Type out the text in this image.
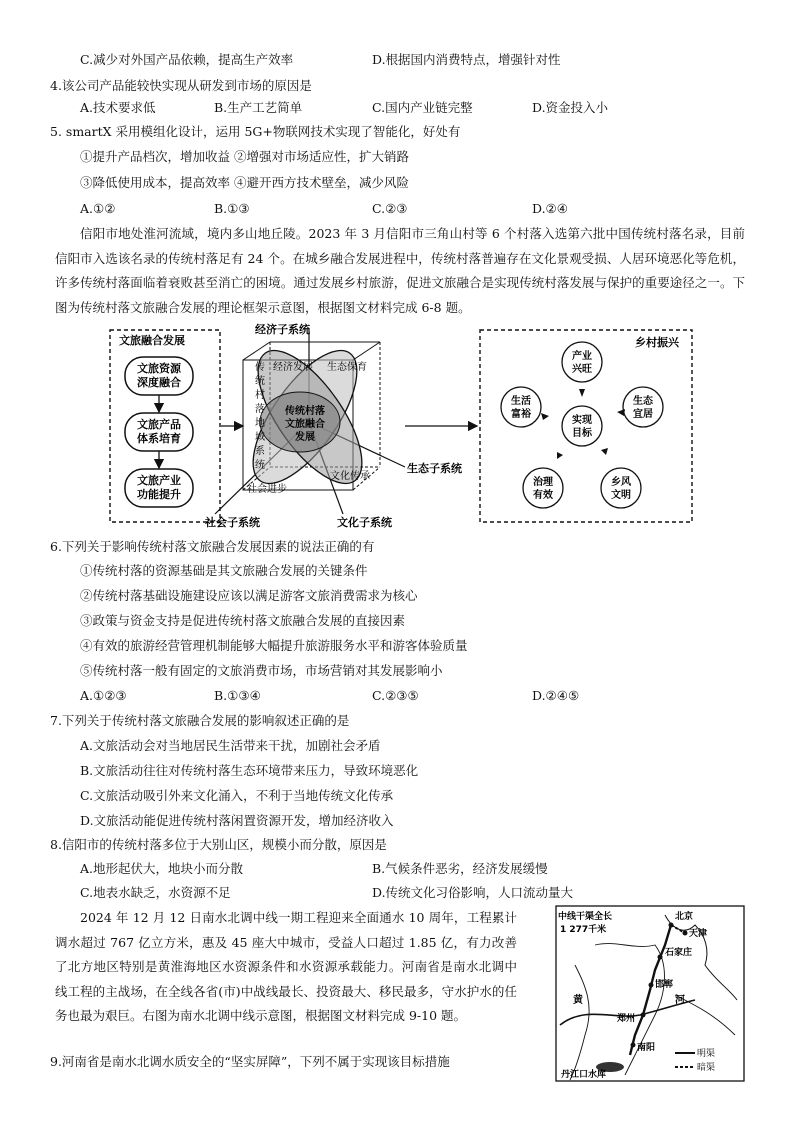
C.减少对外国产品依赖，提高生产效率	D.根据国内消费特点，增强针对性
4.该公司产品能较快实现从研发到市场的原因是
A.技术要求低	B.生产工艺简单	C.国内产业链完整	D.资金投入小
5. smartX 采用模组化设计，运用 5G+物联网技术实现了智能化，好处有
①提升产品档次，增加收益 ②增强对市场适应性，扩大销路
③降低使用成本，提高效率 ④避开西方技术壁垒，减少风险
A.①②	B.①③	C.②③	D.②④
信阳市地处淮河流域，境内多山地丘陵。2023 年 3 月信阳市三角山村等 6 个村落入选第六批中国传统村落名录，目前信阳市入选该名录的传统村落足有 24 个。在城乡融合发展进程中，传统村落普遍存在文化景观受损、人居环境恶化等危机，许多传统村落面临着衰败甚至消亡的困境。通过发展乡村旅游，促进文旅融合是实现传统村落发展与保护的重要途径之一。下图为传统村落文旅融合发展的理论框架示意图，根据图文材料完成 6-8 题。
文旅融合发展
文旅资源
深度融合
文旅产品
体系培育
文旅产业
功能提升
经济子系统
社会子系统	文化子系统
生态子系统
经济发展 生态保育
社会进步
文化传承
传
统
村
落
地
域
系
统
传统村落
文旅融合
发展
乡村振兴
实现
目标
产业
兴旺
生态
宜居
乡风
文明
治理
有效
生活
富裕
6.下列关于影响传统村落文旅融合发展因素的说法正确的有
①传统村落的资源基础是其文旅融合发展的关键条件
②传统村落基础设施建设应该以满足游客文旅消费需求为核心
③政策与资金支持是促进传统村落文旅融合发展的直接因素
④有效的旅游经营管理机制能够大幅提升旅游服务水平和游客体验质量
⑤传统村落一般有固定的文旅消费市场，市场营销对其发展影响小
A.①②③	B.①③④	C.②③⑤	D.②④⑤
7.下列关于传统村落文旅融合发展的影响叙述正确的是
A.文旅活动会对当地居民生活带来干扰，加剧社会矛盾
B.文旅活动往往对传统村落生态环境带来压力，导致环境恶化
C.文旅活动吸引外来文化涌入，不利于当地传统文化传承
D.文旅活动能促进传统村落闲置资源开发，增加经济收入
8.信阳市的传统村落多位于大别山区，规模小而分散，原因是
A.地形起伏大，地块小而分散	B.气候条件恶劣，经济发展缓慢
C.地表水缺乏，水资源不足	D.传统文化习俗影响，人口流动量大
2024 年 12 月 12 日南水北调中线一期工程迎来全面通水 10 周年，工程累计调水超过 767 亿立方米，惠及 45 座大中城市，受益人口超过 1.85 亿，有力改善了北方地区特别是黄淮海地区水资源条件和水资源承载能力。河南省是南水北调中线工程的主战场，在全线各省(市)中战线最长、投资最大、移民最多，守水护水的任务也最为艰巨。右图为南水北调中线示意图，根据图文材料完成 9-10 题。
9.河南省是南水北调水质安全的“坚实屏障”，下列不属于实现该目标措施
中线干渠全长
1 277千米
北京
天津
石家庄
邯郸
郑州
南阳
黄	河
丹江口水库
明渠
暗渠
